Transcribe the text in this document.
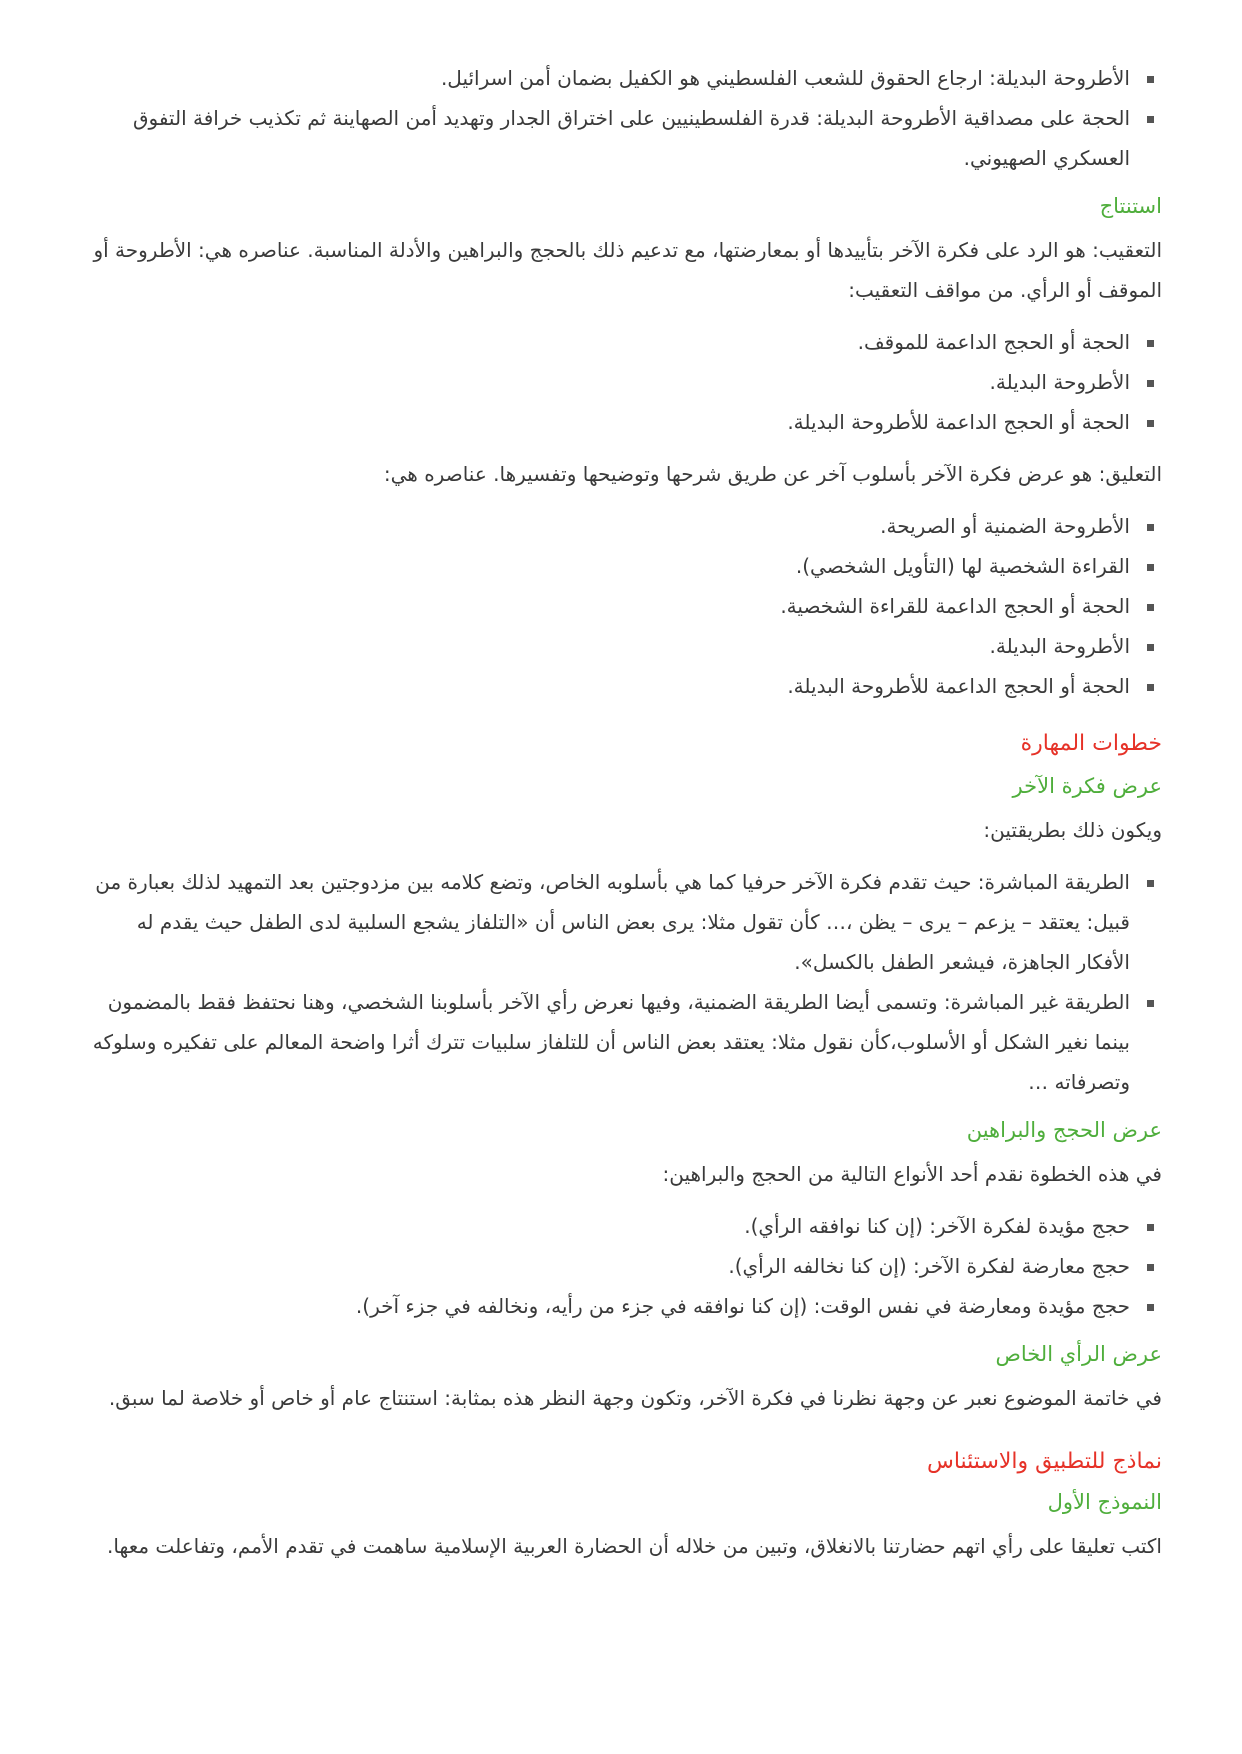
الأطروحة البديلة: ارجاع الحقوق للشعب الفلسطيني هو الكفيل بضمان أمن اسرائيل.
الحجة على مصداقية الأطروحة البديلة: قدرة الفلسطينيين على اختراق الجدار وتهديد أمن الصهاينة ثم تكذيب خرافة التفوق العسكري الصهيوني.
استنتاج

التعقيب: هو الرد على فكرة الآخر بتأييدها أو بمعارضتها، مع تدعيم ذلك بالحجج والبراهين والأدلة المناسبة. عناصره هي: الأطروحة أو الموقف أو الرأي. من مواقف التعقيب:

الحجة أو الحجج الداعمة للموقف.
الأطروحة البديلة.
الحجة أو الحجج الداعمة للأطروحة البديلة.

التعليق: هو عرض فكرة الآخر بأسلوب آخر عن طريق شرحها وتوضيحها وتفسيرها. عناصره هي:

الأطروحة الضمنية أو الصريحة.
القراءة الشخصية لها (التأويل الشخصي).
الحجة أو الحجج الداعمة للقراءة الشخصية.
الأطروحة البديلة.
الحجة أو الحجج الداعمة للأطروحة البديلة.
خطوات المهارة
عرض فكرة الآخر

ويكون ذلك بطريقتين:

الطريقة المباشرة: حيث تقدم فكرة الآخر حرفيا كما هي بأسلوبه الخاص، وتضع كلامه بين مزدوجتين بعد التمهيد لذلك بعبارة من قبيل: يعتقد – يزعم – يرى – يظن ،… كأن تقول مثلا: يرى بعض الناس أن «التلفاز يشجع السلبية لدى الطفل حيث يقدم له الأفكار الجاهزة، فيشعر الطفل بالكسل».
الطريقة غير المباشرة: وتسمى أيضا الطريقة الضمنية، وفيها نعرض رأي الآخر بأسلوبنا الشخصي، وهنا نحتفظ فقط بالمضمون بينما نغير الشكل أو الأسلوب،كأن نقول مثلا: يعتقد بعض الناس أن للتلفاز سلبيات تترك أثرا واضحة المعالم على تفكيره وسلوكه وتصرفاته …
عرض الحجج والبراهين

في هذه الخطوة نقدم أحد الأنواع التالية من الحجج والبراهين:

حجج مؤيدة لفكرة الآخر: (إن كنا نوافقه الرأي).
حجج معارضة لفكرة الآخر: (إن كنا نخالفه الرأي).
حجج مؤيدة ومعارضة في نفس الوقت: (إن كنا نوافقه في جزء من رأيه، ونخالفه في جزء آخر).
عرض الرأي الخاص

في خاتمة الموضوع نعبر عن وجهة نظرنا في فكرة الآخر، وتكون وجهة النظر هذه بمثابة: استنتاج عام أو خاص أو خلاصة لما سبق.

نماذج للتطبيق والاستئناس
النموذج الأول

اكتب تعليقا على رأي اتهم حضارتنا بالانغلاق، وتبين من خلاله أن الحضارة العربية الإسلامية ساهمت في تقدم الأمم، وتفاعلت معها.
